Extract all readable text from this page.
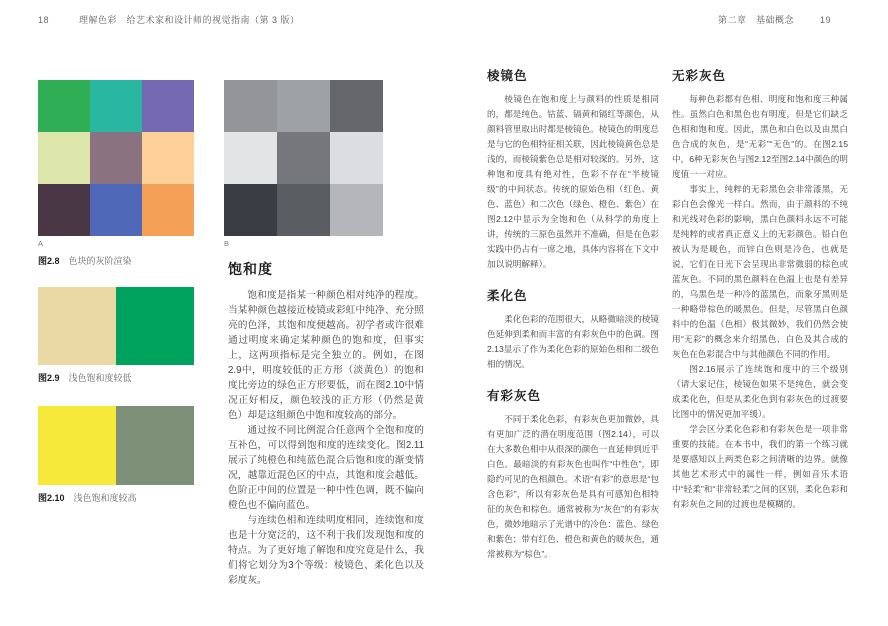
18	理解色彩　给艺术家和设计师的视觉指南（第 3 版）
A	B
图2.8 色块的灰阶渲染
图2.9 浅色饱和度较低
图2.10 浅色饱和度较高
饱和度

饱和度是指某一种颜色相对纯净的程度。当某种颜色越接近棱镜或彩虹中纯净、充分照亮的色泽，其饱和度便越高。初学者或许很难通过明度来确定某种颜色的饱和度，但事实上，这两项指标是完全独立的。例如，在图2.9中，明度较低的正方形（淡黄色）的饱和度比旁边的绿色正方形要低，而在图2.10中情况正好相反，颜色较浅的正方形（仍然是黄色）却是这组颜色中饱和度较高的部分。

通过按不同比例混合任意两个全饱和度的互补色，可以得到饱和度的连续变化。图2.11展示了纯橙色和纯蓝色混合后饱和度的渐变情况，越靠近混色区的中点，其饱和度会越低。色阶正中间的位置是一种中性色调，既不偏向橙色也不偏向蓝色。

与连续色相和连续明度相同，连续饱和度也是十分宽泛的，这不利于我们发现饱和度的特点。为了更好地了解饱和度究竟是什么，我们将它划分为3个等级：棱镜色、柔化色以及彩度灰。

第二章　基础概念	19
棱镜色

棱镜色在饱和度上与颜料的性质是相同的，都是纯色。钴蓝、镉黄和镉红等颜色，从颜料管里取出时都是棱镜色。棱镜色的明度总是与它的色相特征相关联，因此棱镜黄色总是浅的，而棱镜紫色总是相对较深的。另外，这种饱和度具有绝对性，色彩不存在“半棱镜级”的中间状态。传统的原始色相（红色、黄色、蓝色）和二次色（绿色、橙色、紫色）在图2.12中显示为全饱和色（从科学的角度上讲，传统的三原色虽然并不准确，但是在色彩实践中仍占有一席之地，具体内容将在下文中加以说明解释）。

柔化色

柔化色彩的范围很大，从略微暗淡的棱镜色延伸到柔和而丰富的有彩灰色中的色调。图2.13显示了作为柔化色彩的原始色相和二级色相的情况。

有彩灰色

不同于柔化色彩，有彩灰色更加微妙，具有更加广泛的潜在明度范围（图2.14），可以在大多数色相中从很深的颜色一直延伸到近乎白色。最暗淡的有彩灰色也叫作“中性色”，即隐约可见的色相颜色。术语“有彩”的意思是“包含色彩”，所以有彩灰色是具有可感知色相特征的灰色和棕色。通常被称为“灰色”的有彩灰色，微妙地暗示了光谱中的冷色：蓝色、绿色和紫色；带有红色、橙色和黄色的暖灰色，通常被称为“棕色”。

无彩灰色

每种色彩都有色相、明度和饱和度三种属性。虽然白色和黑色也有明度，但是它们缺乏色相和饱和度。因此，黑色和白色以及由黑白色合成的灰色，是“无彩”“无色”的。在图2.15中，6种无彩灰色与图2.12至图2.14中颜色的明度值一一对应。

事实上，纯粹的无彩黑色会非常漆黑，无彩白色会像光一样白。然而，由于颜料的不纯和光线对色彩的影响，黑白色颜料永远不可能是纯粹的或者真正意义上的无彩颜色。铅白色被认为是暖色，而锌白色则是冷色，也就是说，它们在日光下会呈现出非常微弱的棕色或蓝灰色。不同的黑色颜料在色温上也是有差异的，乌黑色是一种冷的蓝黑色，而象牙黑则是一种略带棕色的暖黑色。但是，尽管黑白色颜料中的色温（色相）极其微妙，我们仍然会使用“无彩”的概念来介绍黑色、白色及其合成的灰色在色彩混合中与其他颜色不同的作用。

图2.16展示了连续饱和度中的三个级别（请大家记住，棱镜色如果不是纯色，就会变成柔化色，但是从柔化色到有彩灰色的过渡要比图中的情况更加平缓）。

学会区分柔化色彩和有彩灰色是一项非常重要的技能。在本书中，我们的第一个练习就是要感知以上两类色彩之间清晰的边界。就像其他艺术形式中的属性一样，例如音乐术语中“轻柔”和“非常轻柔”之间的区别，柔化色彩和有彩灰色之间的过渡也是模糊的。
